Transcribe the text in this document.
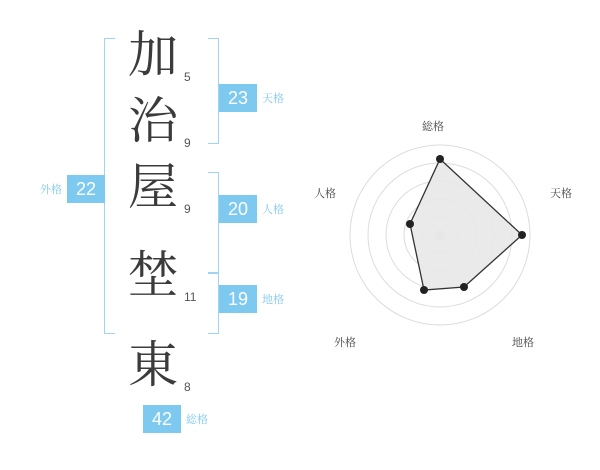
加 5
治 9
屋 9
埜 11
東 8
23	天格
20	人格
19	地格
外格 22
42	総格
総格
天格
地格
外格
人格
